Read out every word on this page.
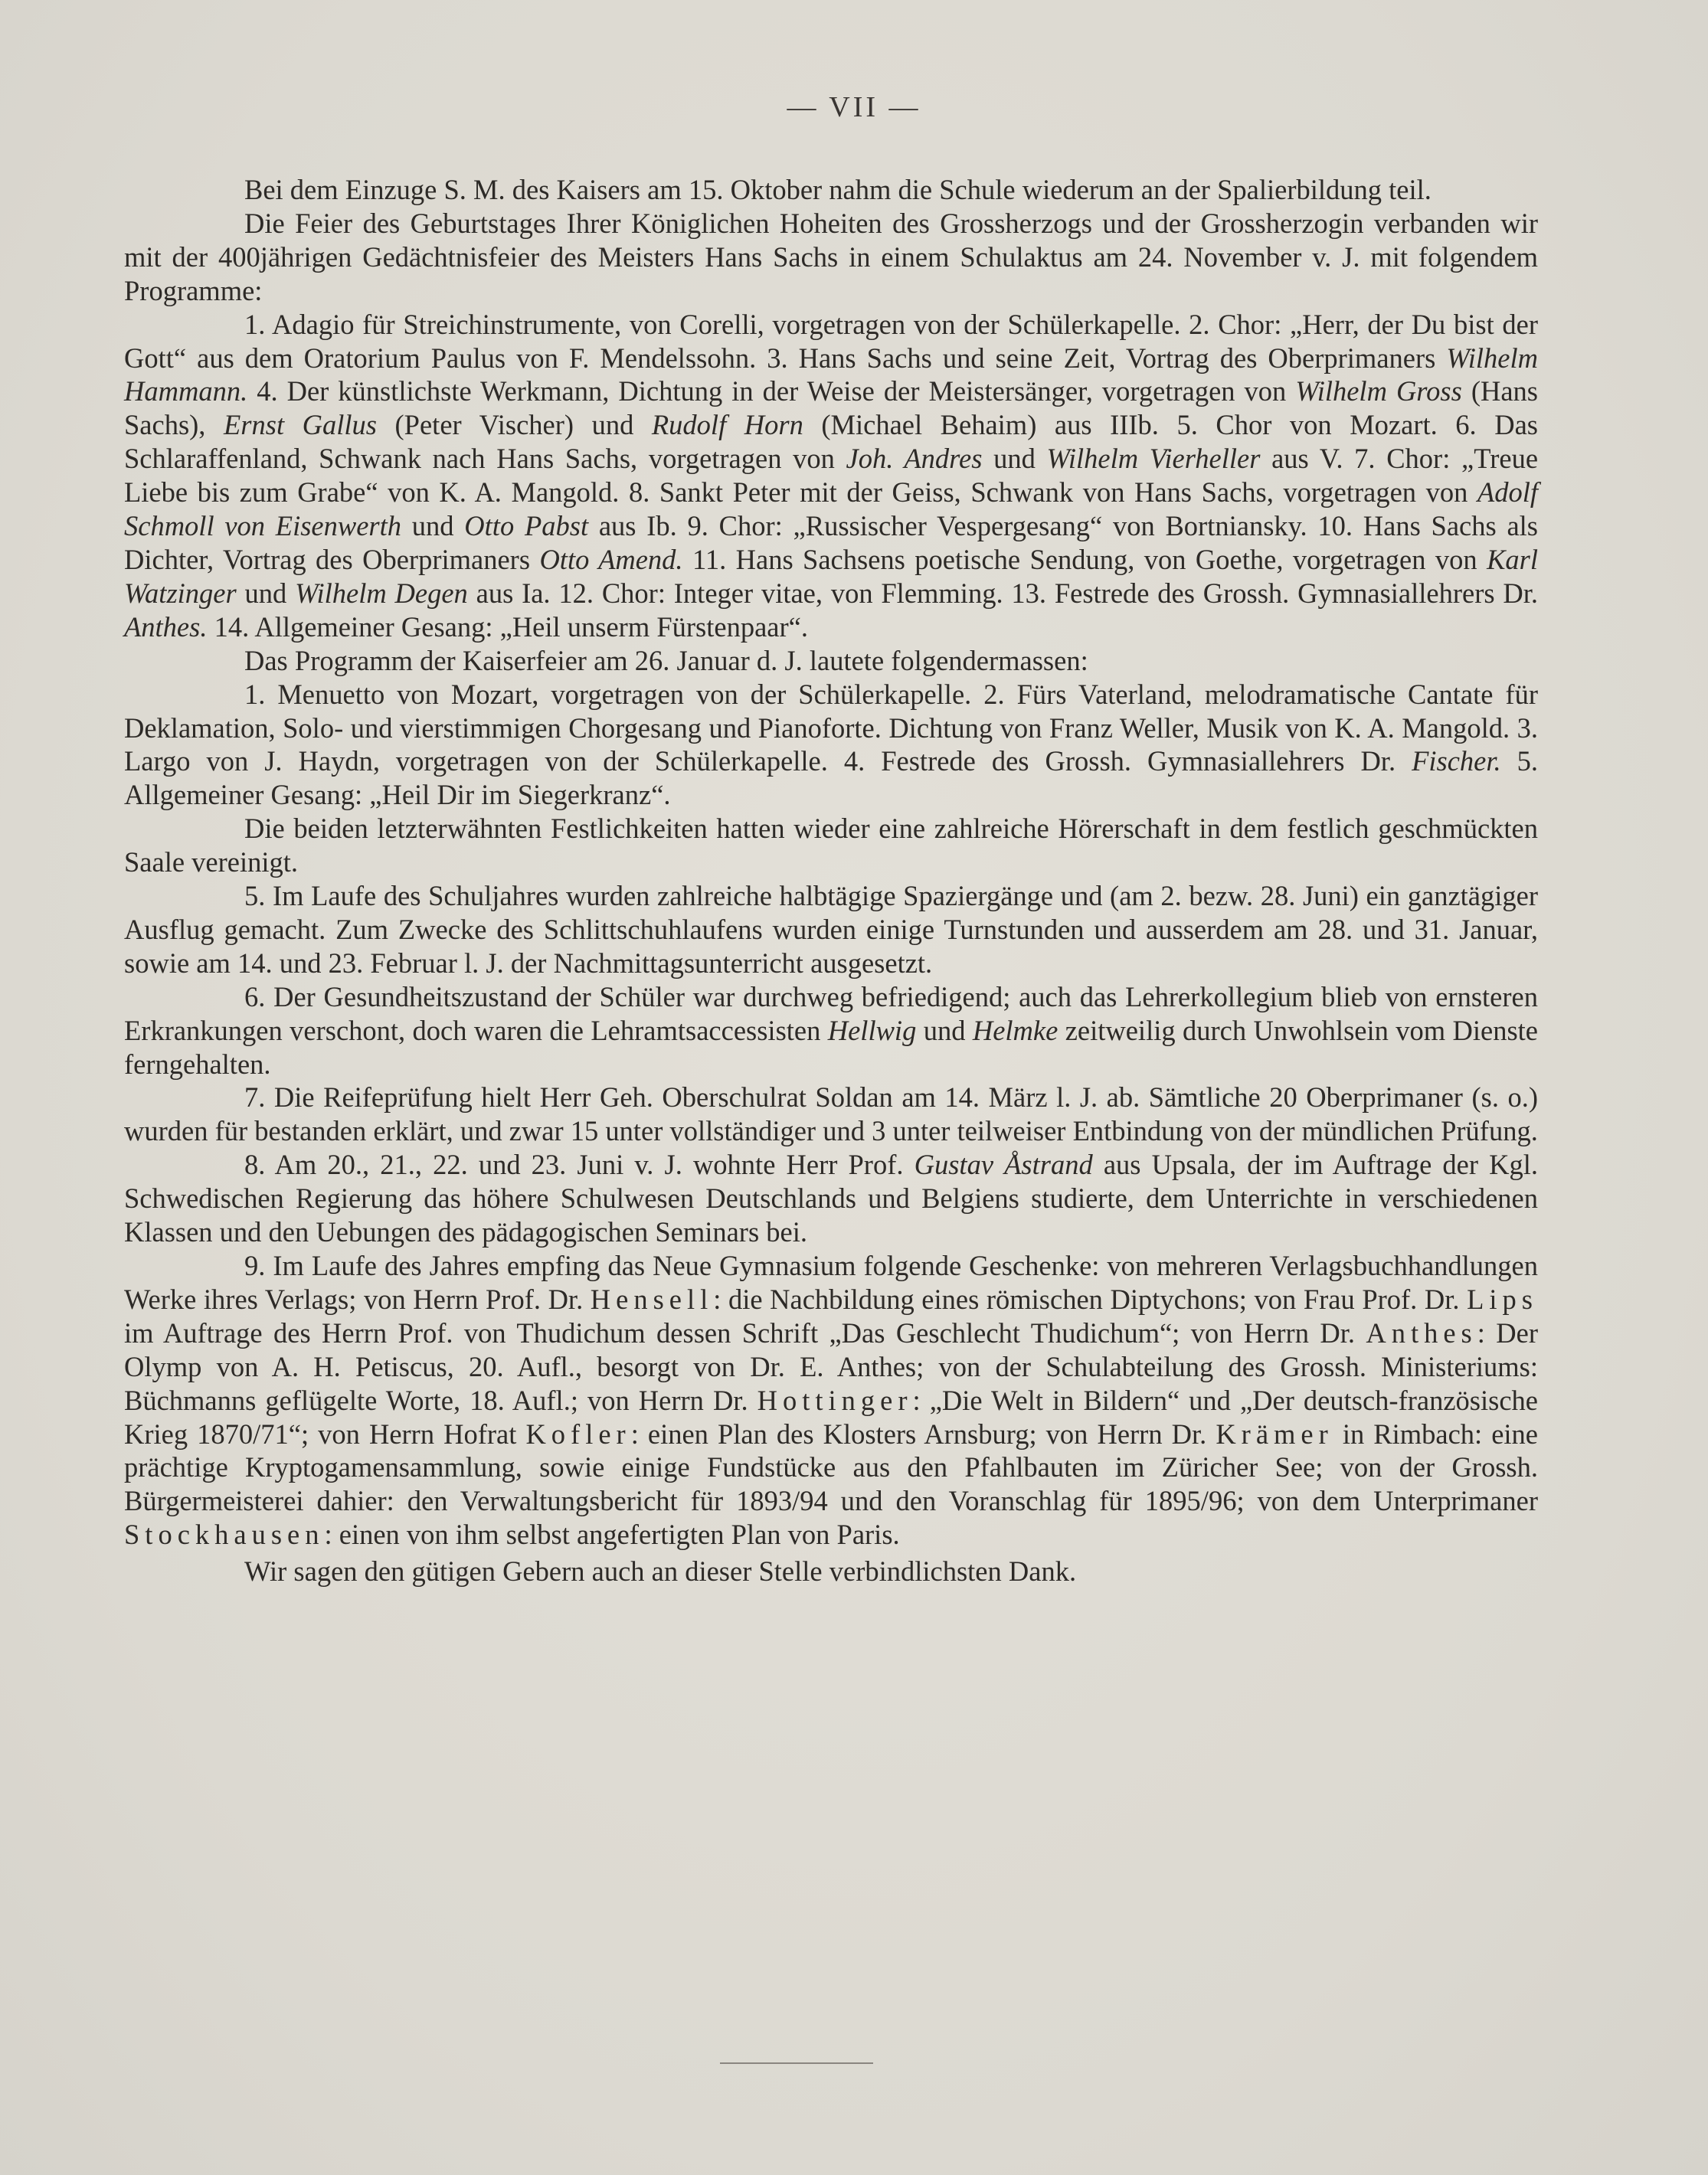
— VII —

Bei dem Einzuge S. M. des Kaisers am 15. Oktober nahm die Schule wiederum an der Spalierbildung teil.

Die Feier des Geburtstages Ihrer Königlichen Hoheiten des Grossherzogs und der Grossherzogin verbanden wir mit der 400jährigen Gedächtnisfeier des Meisters Hans Sachs in einem Schulaktus am 24. November v. J. mit folgendem Programme:

1. Adagio für Streichinstrumente, von Corelli, vorgetragen von der Schülerkapelle. 2. Chor: „Herr, der Du bist der Gott“ aus dem Oratorium Paulus von F. Mendelssohn. 3. Hans Sachs und seine Zeit, Vortrag des Oberprimaners Wilhelm Hammann. 4. Der künstlichste Werkmann, Dichtung in der Weise der Meistersänger, vorgetragen von Wilhelm Gross (Hans Sachs), Ernst Gallus (Peter Vischer) und Rudolf Horn (Michael Behaim) aus IIIb. 5. Chor von Mozart. 6. Das Schlaraffenland, Schwank nach Hans Sachs, vorgetragen von Joh. Andres und Wilhelm Vierheller aus V. 7. Chor: „Treue Liebe bis zum Grabe“ von K. A. Mangold. 8. Sankt Peter mit der Geiss, Schwank von Hans Sachs, vorgetragen von Adolf Schmoll von Eisenwerth und Otto Pabst aus Ib. 9. Chor: „Russischer Vespergesang“ von Bortniansky. 10. Hans Sachs als Dichter, Vortrag des Oberprimaners Otto Amend. 11. Hans Sachsens poetische Sendung, von Goethe, vorgetragen von Karl Watzinger und Wilhelm Degen aus Ia. 12. Chor: Integer vitae, von Flemming. 13. Festrede des Grossh. Gymnasiallehrers Dr. Anthes. 14. Allgemeiner Gesang: „Heil unserm Fürstenpaar“.

Das Programm der Kaiserfeier am 26. Januar d. J. lautete folgendermassen:

1. Menuetto von Mozart, vorgetragen von der Schülerkapelle. 2. Fürs Vaterland, melodramatische Cantate für Deklamation, Solo- und vierstimmigen Chorgesang und Pianoforte. Dichtung von Franz Weller, Musik von K. A. Mangold. 3. Largo von J. Haydn, vorgetragen von der Schülerkapelle. 4. Festrede des Grossh. Gymnasiallehrers Dr. Fischer. 5. Allgemeiner Gesang: „Heil Dir im Siegerkranz“.

Die beiden letzterwähnten Festlichkeiten hatten wieder eine zahlreiche Hörerschaft in dem festlich geschmückten Saale vereinigt.

5. Im Laufe des Schuljahres wurden zahlreiche halbtägige Spaziergänge und (am 2. bezw. 28. Juni) ein ganztägiger Ausflug gemacht. Zum Zwecke des Schlittschuhlaufens wurden einige Turnstunden und ausserdem am 28. und 31. Januar, sowie am 14. und 23. Februar l. J. der Nachmittagsunterricht ausgesetzt.

6. Der Gesundheitszustand der Schüler war durchweg befriedigend; auch das Lehrerkollegium blieb von ernsteren Erkrankungen verschont, doch waren die Lehramtsaccessisten Hellwig und Helmke zeitweilig durch Unwohlsein vom Dienste ferngehalten.

7. Die Reifeprüfung hielt Herr Geh. Oberschulrat Soldan am 14. März l. J. ab. Sämtliche 20 Oberprimaner (s. o.) wurden für bestanden erklärt, und zwar 15 unter vollständiger und 3 unter teilweiser Entbindung von der mündlichen Prüfung.

8. Am 20., 21., 22. und 23. Juni v. J. wohnte Herr Prof. Gustav Åstrand aus Upsala, der im Auftrage der Kgl. Schwedischen Regierung das höhere Schulwesen Deutschlands und Belgiens studierte, dem Unterrichte in verschiedenen Klassen und den Uebungen des pädagogischen Seminars bei.

9. Im Laufe des Jahres empfing das Neue Gymnasium folgende Geschenke: von mehreren Verlagsbuchhandlungen Werke ihres Verlags; von Herrn Prof. Dr. Hensell: die Nachbildung eines römischen Diptychons; von Frau Prof. Dr. Lips im Auftrage des Herrn Prof. von Thudichum dessen Schrift „Das Geschlecht Thudichum“; von Herrn Dr. Anthes: Der Olymp von A. H. Petiscus, 20. Aufl., besorgt von Dr. E. Anthes; von der Schulabteilung des Grossh. Ministeriums: Büchmanns geflügelte Worte, 18. Aufl.; von Herrn Dr. Hottinger: „Die Welt in Bildern“ und „Der deutsch-französische Krieg 1870/71“; von Herrn Hofrat Kofler: einen Plan des Klosters Arnsburg; von Herrn Dr. Krämer in Rimbach: eine prächtige Kryptogamensammlung, sowie einige Fundstücke aus den Pfahlbauten im Züricher See; von der Grossh. Bürgermeisterei dahier: den Verwaltungsbericht für 1893/94 und den Voranschlag für 1895/96; von dem Unterprimaner Stockhausen: einen von ihm selbst angefertigten Plan von Paris.

Wir sagen den gütigen Gebern auch an dieser Stelle verbindlichsten Dank.
